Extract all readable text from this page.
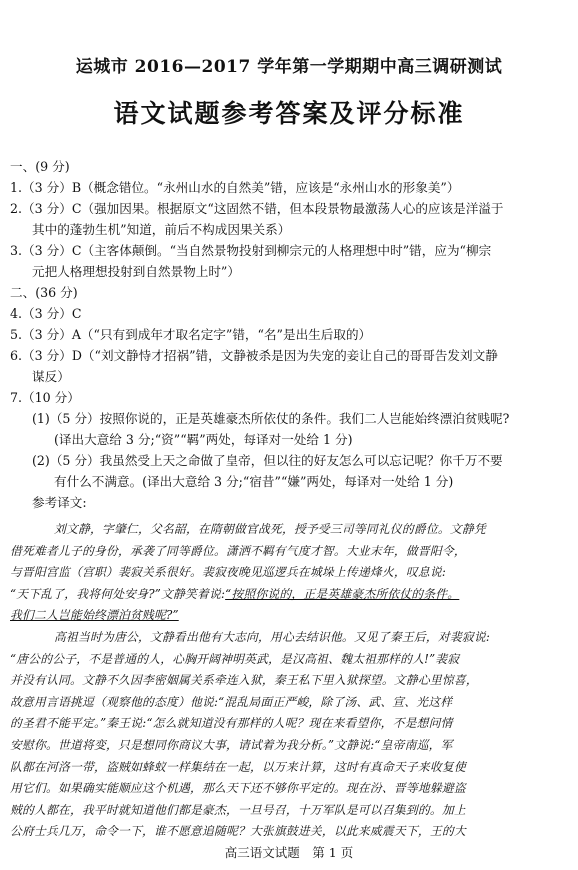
运城市 2016—2017 学年第一学期期中高三调研测试
语文试题参考答案及评分标准
一、(9 分)
1.（3 分）B（概念错位。“永州山水的自然美”错，应该是“永州山水的形象美”）
2.（3 分）C（强加因果。根据原文“这固然不错，但本段景物最激荡人心的应该是洋溢于
其中的蓬勃生机”知道，前后不构成因果关系）
3.（3 分）C（主客体颠倒。“当自然景物投射到柳宗元的人格理想中时”错，应为“柳宗
元把人格理想投射到自然景物上时”）
二、(36 分)
4.（3 分）C
5.（3 分）A（“只有到成年才取名定字”错，“名”是出生后取的）
6.（3 分）D（“刘文静恃才招祸”错，文静被杀是因为失宠的妾让自己的哥哥告发刘文静
谋反）
7.（10 分）
(1)（5 分）按照你说的，正是英雄豪杰所依仗的条件。我们二人岂能始终漂泊贫贱呢?
(译出大意给 3 分;“资”“羁”两处，每译对一处给 1 分)
(2)（5 分）我虽然受上天之命做了皇帝，但以往的好友怎么可以忘记呢？你千万不要
有什么不满意。(译出大意给 3 分;“宿昔”“嫌”两处，每译对一处给 1 分)
参考译文:
刘文静，字肇仁，父名韶，在隋朝做官战死，授予受三司等同礼仪的爵位。文静凭
借死难者儿子的身份，承袭了同等爵位。潇洒不羁有气度才智。大业末年，做晋阳令，
与晋阳宫监（宫职）裴寂关系很好。裴寂夜晚见巡逻兵在城垛上传递烽火，叹息说:
“天下乱了，我将何处安身?”文静笑着说:“按照你说的，正是英雄豪杰所依仗的条件。
我们二人岂能始终漂泊贫贱呢?”
高祖当时为唐公，文静看出他有大志向，用心去结识他。又见了秦王后，对裴寂说:
“唐公的公子，不是普通的人，心胸开阔神明英武，是汉高祖、魏太祖那样的人!”裴寂
并没有认同。文静不久因李密姻属关系牵连入狱，秦王私下里入狱探望。文静心里惊喜，
故意用言语挑逗（观察他的态度）他说:“混乱局面正严峻，除了汤、武、宣、光这样
的圣君不能平定。”秦王说:“怎么就知道没有那样的人呢？现在来看望你，不是想问情
安慰你。世道将变，只是想同你商议大事，请试着为我分析。”文静说:“皇帝南巡，军
队都在河洛一带，盗贼如蜂蚁一样集结在一起，以万来计算，这时有真命天子来收复使
用它们。如果确实能顺应这个机遇，那么天下还不够你平定的。现在汾、晋等地躲避盗
贼的人都在，我平时就知道他们都是豪杰，一旦号召，十万军队是可以召集到的。加上
公府士兵几万，命令一下，谁不愿意追随呢？大张旗鼓进关，以此来威震天下，王的大
高三语文试题　第 1 页
